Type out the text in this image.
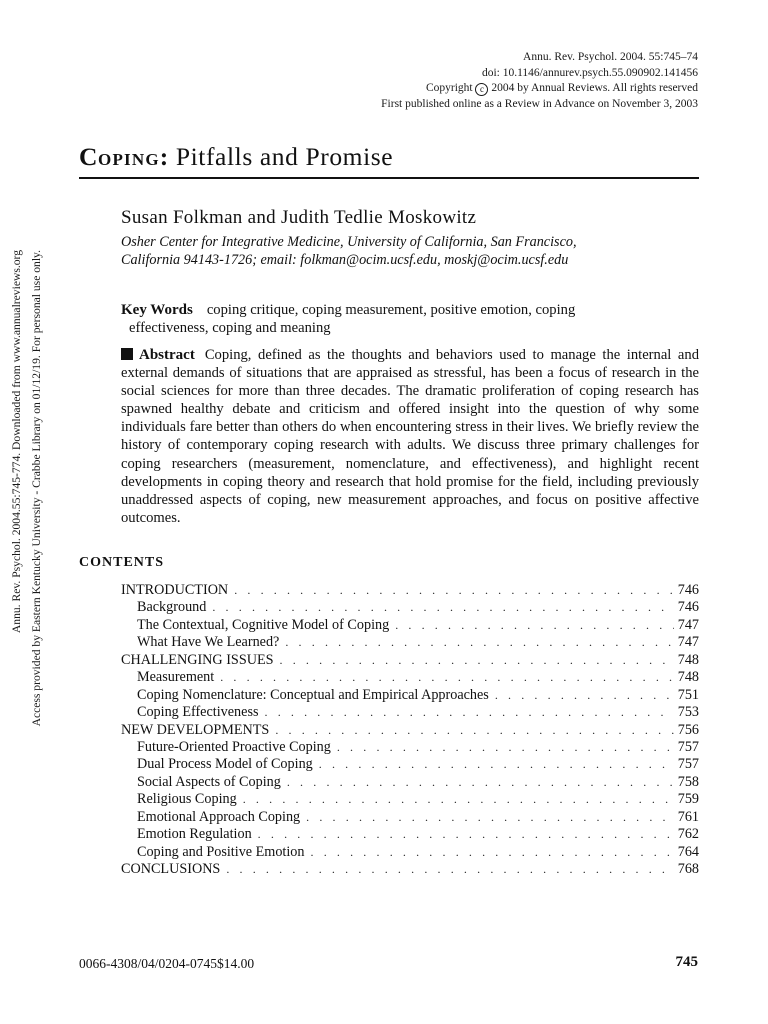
Annu. Rev. Psychol. 2004.55:745-774. Downloaded from www.annualreviews.org Access provided by Eastern Kentucky University - Crabbe Library on 01/12/19. For personal use only.
Annu. Rev. Psychol. 2004. 55:745–74
doi: 10.1146/annurev.psych.55.090902.141456
Copyright c 2004 by Annual Reviews. All rights reserved
First published online as a Review in Advance on November 3, 2003
COPING: Pitfalls and Promise
Susan Folkman and Judith Tedlie Moskowitz
Osher Center for Integrative Medicine, University of California, San Francisco,
California 94143-1726; email: folkman@ocim.ucsf.edu, moskj@ocim.ucsf.edu
Key Words coping critique, coping measurement, positive emotion, coping
effectiveness, coping and meaning

Abstract Coping, defined as the thoughts and behaviors used to manage the internal and external demands of situations that are appraised as stressful, has been a focus of research in the social sciences for more than three decades. The dramatic proliferation of coping research has spawned healthy debate and criticism and offered insight into the question of why some individuals fare better than others do when encountering stress in their lives. We briefly review the history of contemporary coping research with adults. We discuss three primary challenges for coping researchers (measurement, nomenclature, and effectiveness), and highlight recent developments in coping theory and research that hold promise for the field, including previously unaddressed aspects of coping, new measurement approaches, and focus on positive affective outcomes.

CONTENTS
INTRODUCTION . . .	746
Background . . .	746
The Contextual, Cognitive Model of Coping . . .	747
What Have We Learned? . . .	747
CHALLENGING ISSUES . . .	748
Measurement . . .	748
Coping Nomenclature: Conceptual and Empirical Approaches . . .	751
Coping Effectiveness . . .	753
NEW DEVELOPMENTS . . .	756
Future-Oriented Proactive Coping . . .	757
Dual Process Model of Coping . . .	757
Social Aspects of Coping . . .	758
Religious Coping . . .	759
Emotional Approach Coping . . .	761
Emotion Regulation . . .	762
Coping and Positive Emotion . . .	764
CONCLUSIONS . . .	768
0066-4308/04/0204-0745$14.00	745
